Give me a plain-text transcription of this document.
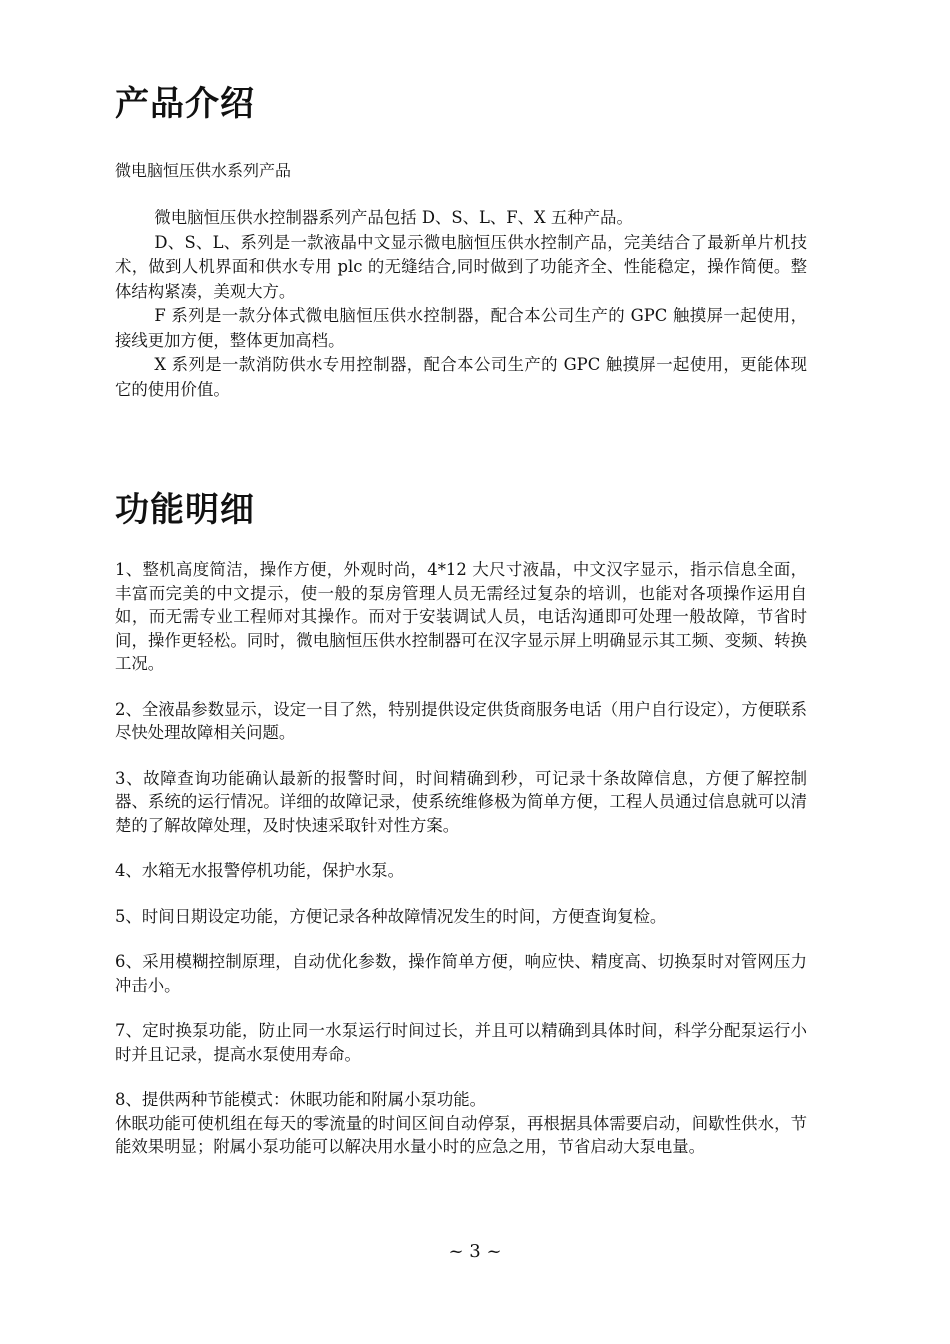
产品介绍
微电脑恒压供水系列产品

微电脑恒压供水控制器系列产品包括 D、S、L、F、X 五种产品。

D、S、L、系列是一款液晶中文显示微电脑恒压供水控制产品，完美结合了最新单片机技术，做到人机界面和供水专用 plc 的无缝结合,同时做到了功能齐全、性能稳定，操作简便。整体结构紧凑，美观大方。

F 系列是一款分体式微电脑恒压供水控制器，配合本公司生产的 GPC 触摸屏一起使用，接线更加方便，整体更加高档。

X 系列是一款消防供水专用控制器，配合本公司生产的 GPC 触摸屏一起使用，更能体现它的使用价值。

功能明细

1、整机高度简洁，操作方便，外观时尚，4*12 大尺寸液晶，中文汉字显示，指示信息全面，丰富而完美的中文提示，使一般的泵房管理人员无需经过复杂的培训，也能对各项操作运用自如，而无需专业工程师对其操作。而对于安装调试人员，电话沟通即可处理一般故障，节省时间，操作更轻松。同时，微电脑恒压供水控制器可在汉字显示屏上明确显示其工频、变频、转换工况。

2、全液晶参数显示，设定一目了然，特别提供设定供货商服务电话（用户自行设定），方便联系尽快处理故障相关问题。

3、故障查询功能确认最新的报警时间，时间精确到秒，可记录十条故障信息，方便了解控制器、系统的运行情况。详细的故障记录，使系统维修极为简单方便，工程人员通过信息就可以清楚的了解故障处理，及时快速采取针对性方案。

4、水箱无水报警停机功能，保护水泵。

5、时间日期设定功能，方便记录各种故障情况发生的时间，方便查询复检。

6、采用模糊控制原理，自动优化参数，操作简单方便，响应快、精度高、切换泵时对管网压力冲击小。

7、定时换泵功能，防止同一水泵运行时间过长，并且可以精确到具体时间，科学分配泵运行小时并且记录，提高水泵使用寿命。

8、提供两种节能模式：休眠功能和附属小泵功能。

休眠功能可使机组在每天的零流量的时间区间自动停泵，再根据具体需要启动，间歇性供水，节能效果明显；附属小泵功能可以解决用水量小时的应急之用，节省启动大泵电量。

~ 3 ~
